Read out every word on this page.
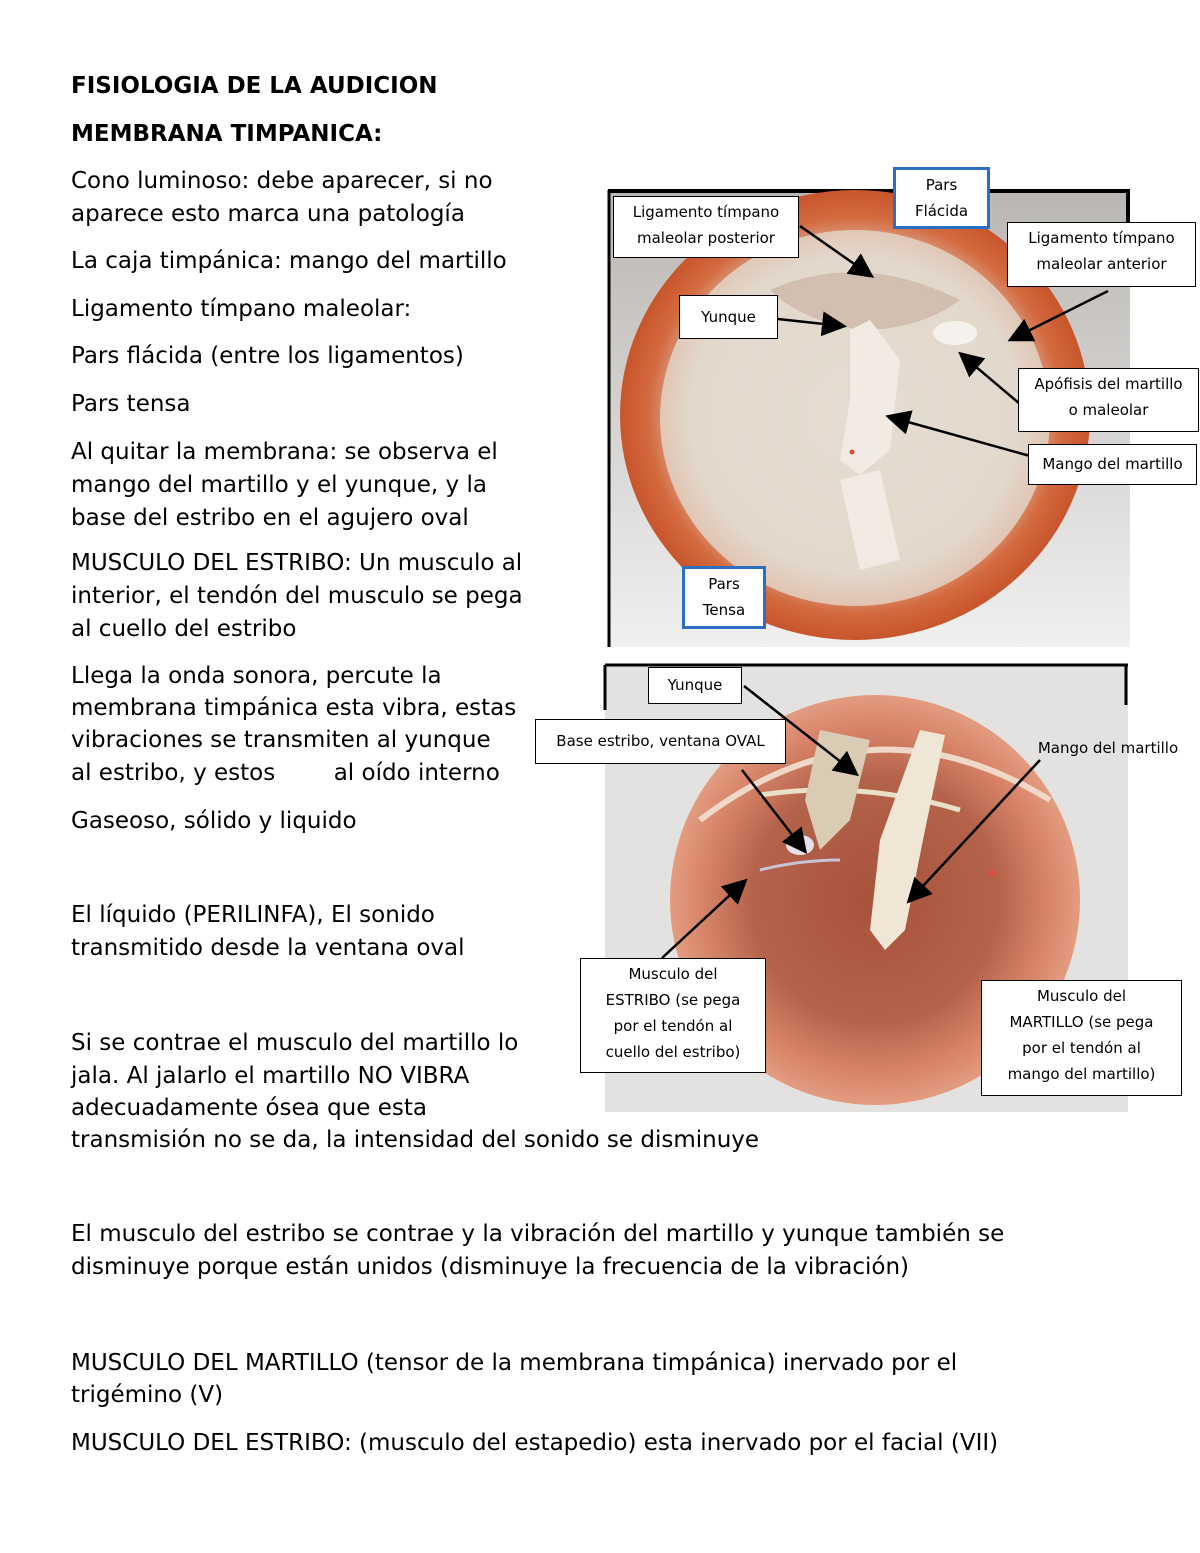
FISIOLOGIA DE LA AUDICION

MEMBRANA TIMPANICA:

Cono luminoso: debe aparecer, si no

aparece esto marca una patología

La caja timpánica: mango del martillo

Ligamento tímpano maleolar:

Pars flácida (entre los ligamentos)

Pars tensa

Al quitar la membrana: se observa el

mango del martillo y el yunque, y la

base del estribo en el agujero oval

MUSCULO DEL ESTRIBO: Un musculo al

interior, el tendón del musculo se pega

al cuello del estribo

Llega la onda sonora, percute la

membrana timpánica esta vibra, estas

vibraciones se transmiten al yunque

al estribo, y estos        al oído interno

Gaseoso, sólido y liquido

El líquido (PERILINFA), El sonido

transmitido desde la ventana oval

Si se contrae el musculo del martillo lo

jala. Al jalarlo el martillo NO VIBRA

adecuadamente ósea que esta

transmisión no se da, la intensidad del sonido se disminuye

El musculo del estribo se contrae y la vibración del martillo y yunque también se

disminuye porque están unidos (disminuye la frecuencia de la vibración)

MUSCULO DEL MARTILLO (tensor de la membrana timpánica) inervado por el

trigémino (V)

MUSCULO DEL ESTRIBO: (musculo del estapedio) esta inervado por el facial (VII)

Pars
Flácida
Ligamento tímpano
maleolar posterior	Ligamento tímpano
maleolar anterior
Yunque
Apófisis del martillo
o maleolar
Mango del martillo
Pars
Tensa
Yunque
Base estribo, ventana OVAL	Mango del martillo
Musculo del
ESTRIBO (se pega
por el tendón al
cuello del estribo)
Musculo del
MARTILLO (se pega
por el tendón al
mango del martillo)
